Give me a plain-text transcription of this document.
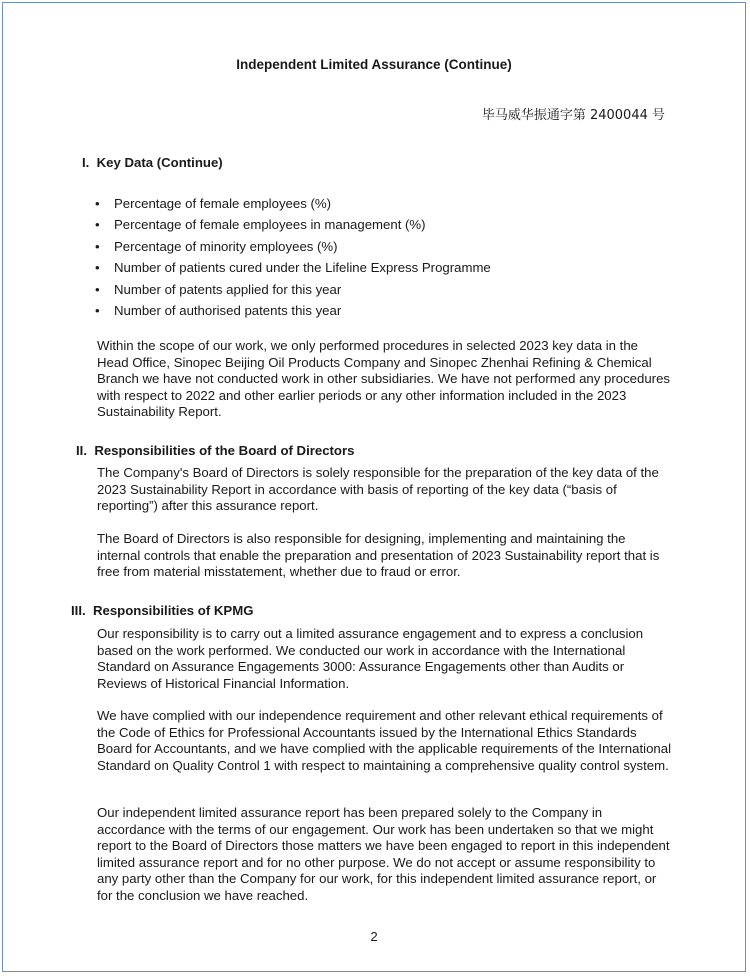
Independent Limited Assurance (Continue)
毕马威华振通字第 2400044 号
I. Key Data (Continue)
• Percentage of female employees (%)
• Percentage of female employees in management (%)
• Percentage of minority employees (%)
• Number of patients cured under the Lifeline Express Programme
• Number of patents applied for this year
• Number of authorised patents this year

Within the scope of our work, we only performed procedures in selected 2023 key data in the Head Office, Sinopec Beijing Oil Products Company and Sinopec Zhenhai Refining & Chemical Branch we have not conducted work in other subsidiaries. We have not performed any procedures with respect to 2022 and other earlier periods or any other information included in the 2023 Sustainability Report.

II. Responsibilities of the Board of Directors

The Company's Board of Directors is solely responsible for the preparation of the key data of the 2023 Sustainability Report in accordance with basis of reporting of the key data (“basis of reporting”) after this assurance report.

The Board of Directors is also responsible for designing, implementing and maintaining the internal controls that enable the preparation and presentation of 2023 Sustainability report that is free from material misstatement, whether due to fraud or error.

III. Responsibilities of KPMG

Our responsibility is to carry out a limited assurance engagement and to express a conclusion based on the work performed. We conducted our work in accordance with the International Standard on Assurance Engagements 3000: Assurance Engagements other than Audits or Reviews of Historical Financial Information.

We have complied with our independence requirement and other relevant ethical requirements of the Code of Ethics for Professional Accountants issued by the International Ethics Standards Board for Accountants, and we have complied with the applicable requirements of the International Standard on Quality Control 1 with respect to maintaining a comprehensive quality control system.

Our independent limited assurance report has been prepared solely to the Company in accordance with the terms of our engagement. Our work has been undertaken so that we might report to the Board of Directors those matters we have been engaged to report in this independent limited assurance report and for no other purpose. We do not accept or assume responsibility to any party other than the Company for our work, for this independent limited assurance report, or for the conclusion we have reached.

2
